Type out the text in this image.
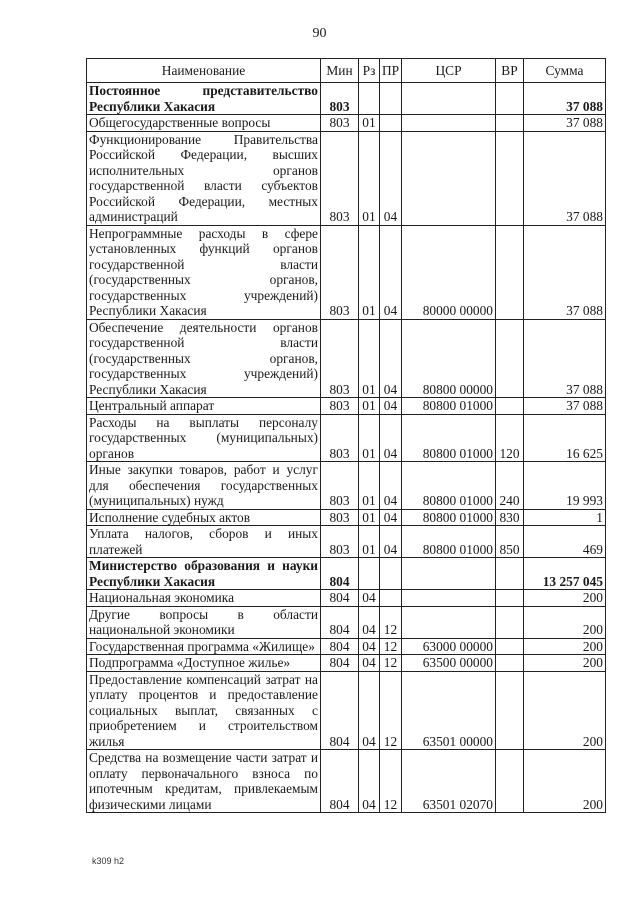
90
Наименование	Мин	Рз	ПР	ЦСР	ВР	Сумма
Постоянное представительство Республики Хакасия	803					37 088
Общегосударственные вопросы	803	01				37 088
Функционирование Правительства Российской Федерации, высших исполнительных органов государственной власти субъектов Российской Федерации, местных администраций	803	01	04			37 088
Непрограммные расходы в сфере установленных функций органов государственной власти (государственных органов, государственных учреждений) Республики Хакасия	803	01	04	80000 00000		37 088
Обеспечение деятельности органов государственной власти (государственных органов, государственных учреждений) Республики Хакасия	803	01	04	80800 00000		37 088
Центральный аппарат	803	01	04	80800 01000		37 088
Расходы на выплаты персоналу государственных (муниципальных) органов	803	01	04	80800 01000	120	16 625
Иные закупки товаров, работ и услуг для обеспечения государственных (муниципальных) нужд	803	01	04	80800 01000	240	19 993
Исполнение судебных актов	803	01	04	80800 01000	830	1
Уплата налогов, сборов и иных платежей	803	01	04	80800 01000	850	469
Министерство образования и науки Республики Хакасия	804					13 257 045
Национальная экономика	804	04				200
Другие вопросы в области национальной экономики	804	04	12			200
Государственная программа «Жилище»	804	04	12	63000 00000		200
Подпрограмма «Доступное жилье»	804	04	12	63500 00000		200
Предоставление компенсаций затрат на уплату процентов и предоставление социальных выплат, связанных с приобретением и строительством жилья	804	04	12	63501 00000		200
Средства на возмещение части затрат и оплату первоначального взноса по ипотечным кредитам, привлекаемым физическими лицами	804	04	12	63501 02070		200
k309 h2
